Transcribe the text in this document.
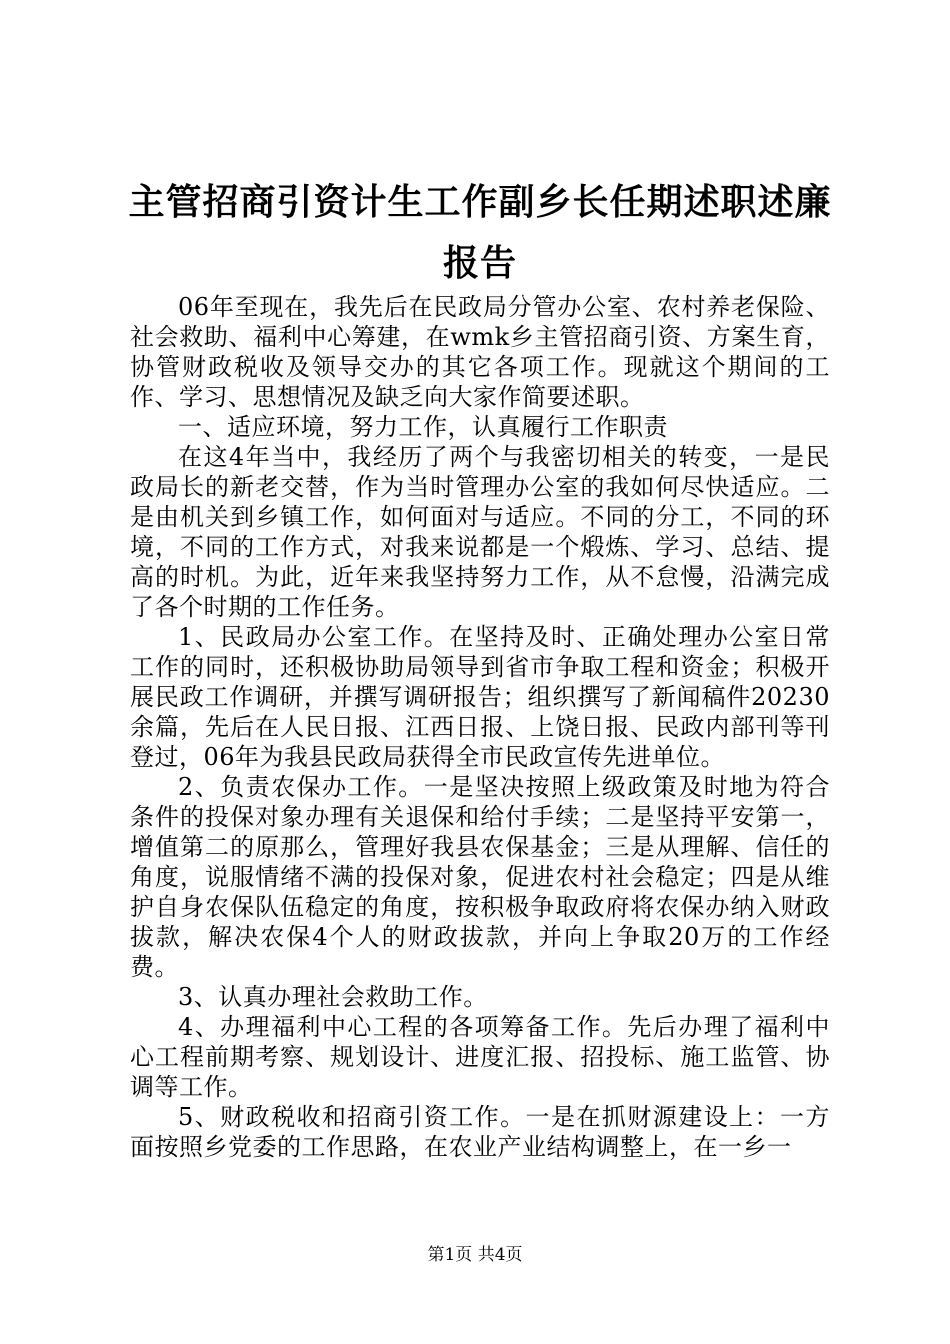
主管招商引资计生工作副乡长任期述职述廉报告

06年至现在，我先后在民政局分管办公室、农村养老保险、社会救助、福利中心筹建，在wmk乡主管招商引资、方案生育，协管财政税收及领导交办的其它各项工作。现就这个期间的工作、学习、思想情况及缺乏向大家作简要述职。

一、适应环境，努力工作，认真履行工作职责

在这4年当中，我经历了两个与我密切相关的转变，一是民政局长的新老交替，作为当时管理办公室的我如何尽快适应。二是由机关到乡镇工作，如何面对与适应。不同的分工，不同的环境，不同的工作方式，对我来说都是一个煅炼、学习、总结、提高的时机。为此，近年来我坚持努力工作，从不怠慢，沿满完成了各个时期的工作任务。

1、民政局办公室工作。在坚持及时、正确处理办公室日常工作的同时，还积极协助局领导到省市争取工程和资金；积极开展民政工作调研，并撰写调研报告；组织撰写了新闻稿件20230余篇，先后在人民日报、江西日报、上饶日报、民政内部刊等刊登过，06年为我县民政局获得全市民政宣传先进单位。

2、负责农保办工作。一是坚决按照上级政策及时地为符合条件的投保对象办理有关退保和给付手续；二是坚持平安第一，增值第二的原那么，管理好我县农保基金；三是从理解、信任的角度，说服情绪不满的投保对象，促进农村社会稳定；四是从维护自身农保队伍稳定的角度，按积极争取政府将农保办纳入财政拔款，解决农保4个人的财政拔款，并向上争取20万的工作经费。

3、认真办理社会救助工作。

4、办理福利中心工程的各项筹备工作。先后办理了福利中心工程前期考察、规划设计、进度汇报、招投标、施工监管、协调等工作。

5、财政税收和招商引资工作。一是在抓财源建设上：一方面按照乡党委的工作思路，在农业产业结构调整上，在一乡一

第1页 共4页
